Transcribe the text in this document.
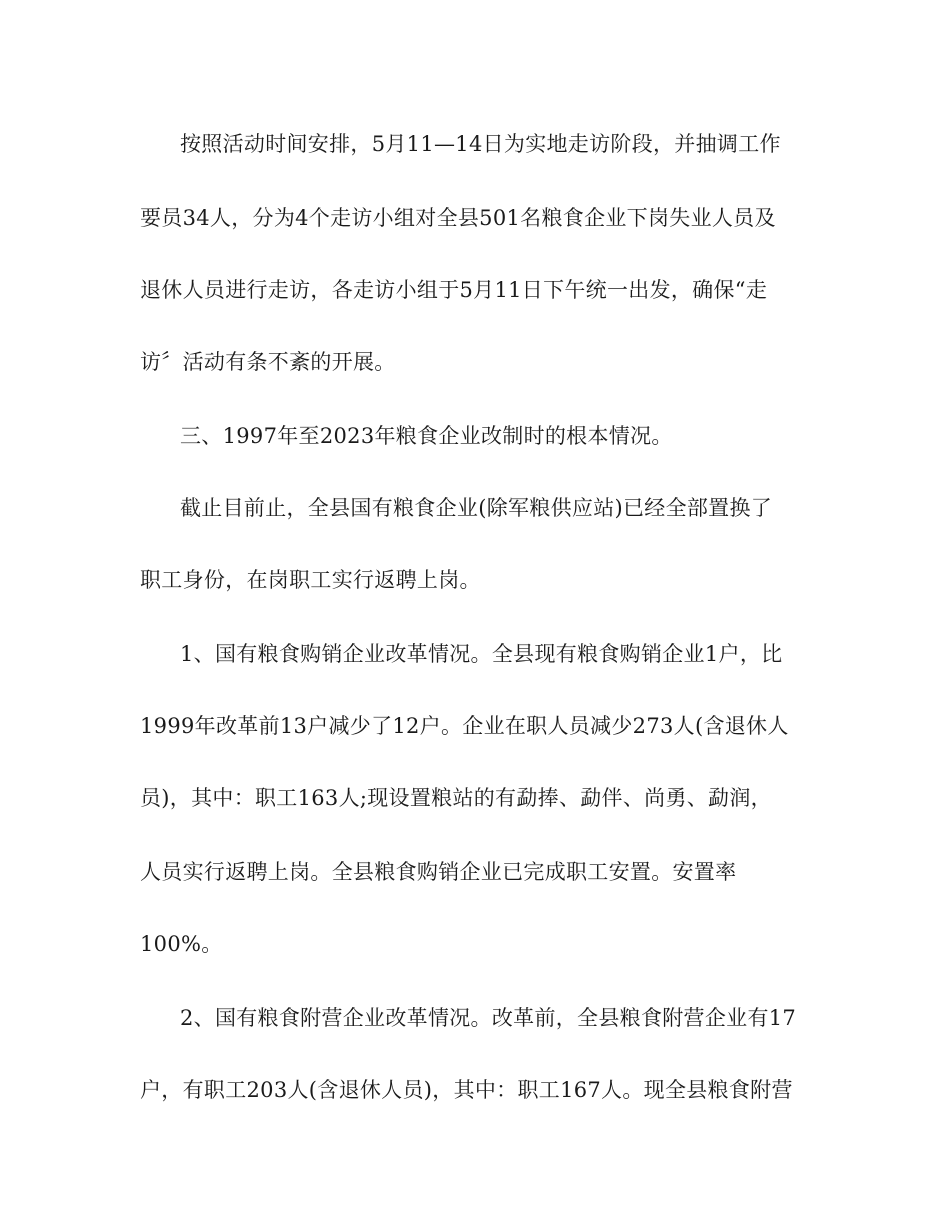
按照活动时间安排，5月11—14日为实地走访阶段，并抽调工作
要员34人，分为4个走访小组对全县501名粮食企业下岗失业人员及
退休人员进行走访，各走访小组于5月11日下午统一出发，确保“走
访〞活动有条不紊的开展。
三、1997年至2023年粮食企业改制时的根本情况。
截止目前止，全县国有粮食企业(除军粮供应站)已经全部置换了
职工身份，在岗职工实行返聘上岗。
1、国有粮食购销企业改革情况。全县现有粮食购销企业1户，比
1999年改革前13户减少了12户。企业在职人员减少273人(含退休人
员)，其中：职工163人;现设置粮站的有勐捧、勐伴、尚勇、勐润，
人员实行返聘上岗。全县粮食购销企业已完成职工安置。安置率
100%。
2、国有粮食附营企业改革情况。改革前，全县粮食附营企业有17
户，有职工203人(含退休人员)，其中：职工167人。现全县粮食附营
